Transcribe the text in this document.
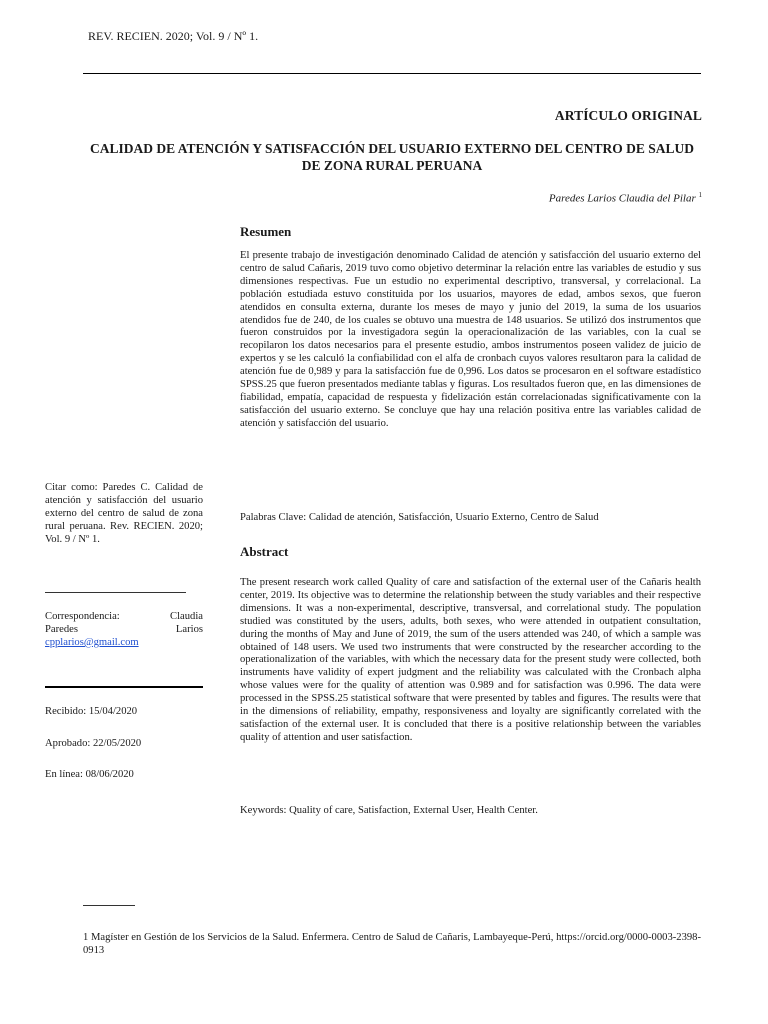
REV. RECIEN. 2020; Vol. 9 / Nº 1.
ARTÍCULO ORIGINAL
CALIDAD DE ATENCIÓN Y SATISFACCIÓN DEL USUARIO EXTERNO DEL CENTRO DE SALUD DE ZONA RURAL PERUANA
Paredes Larios Claudia del Pilar $^1$
Resumen
El presente trabajo de investigación denominado Calidad de atención y satisfacción del usuario externo del centro de salud Cañaris, 2019 tuvo como objetivo determinar la relación entre las variables de estudio y sus dimensiones respectivas. Fue un estudio no experimental descriptivo, transversal, y correlacional. La población estudiada estuvo constituida por los usuarios, mayores de edad, ambos sexos, que fueron atendidos en consulta externa, durante los meses de mayo y junio del 2019, la suma de los usuarios atendidos fue de 240, de los cuales se obtuvo una muestra de 148 usuarios. Se utilizó dos instrumentos que fueron construidos por la investigadora según la operacionalización de las variables, con la cual se recopilaron los datos necesarios para el presente estudio, ambos instrumentos poseen validez de juicio de expertos y se les calculó la confiabilidad con el alfa de cronbach cuyos valores resultaron para la calidad de atención fue de 0,989 y para la satisfacción fue de 0,996. Los datos se procesaron en el software estadístico SPSS.25 que fueron presentados mediante tablas y figuras. Los resultados fueron que, en las dimensiones de fiabilidad, empatía, capacidad de respuesta y fidelización están correlacionadas significativamente con la satisfacción del usuario externo. Se concluye que hay una relación positiva entre las variables calidad de atención y satisfacción del usuario.
Palabras Clave: Calidad de atención, Satisfacción, Usuario Externo, Centro de Salud
Abstract
The present research work called Quality of care and satisfaction of the external user of the Cañaris health center, 2019. Its objective was to determine the relationship between the study variables and their respective dimensions. It was a non-experimental, descriptive, transversal, and correlational study. The population studied was constituted by the users, adults, both sexes, who were attended in outpatient consultation, during the months of May and June of 2019, the sum of the users attended was 240, of which a sample was obtained of 148 users. We used two instruments that were constructed by the researcher according to the operationalization of the variables, with which the necessary data for the present study were collected, both instruments have validity of expert judgment and the reliability was calculated with the Cronbach alpha whose values were for the quality of attention was 0.989 and for satisfaction was 0.996. The data were processed in the SPSS.25 statistical software that were presented by tables and figures. The results were that in the dimensions of reliability, empathy, responsiveness and loyalty are significantly correlated with the satisfaction of the external user. It is concluded that there is a positive relationship between the variables quality of attention and user satisfaction.
Keywords: Quality of care, Satisfaction, External User, Health Center.
Citar como: Paredes C. Calidad de atención y satisfacción del usuario externo del centro de salud de zona rural peruana. Rev. RECIEN. 2020; Vol. 9 / Nº 1.
Correspondencia:	Claudia
Paredes	Larios
cpplarios@gmail.com
Recibido: 15/04/2020
Aprobado: 22/05/2020
En línea: 08/06/2020
1 Magíster en Gestión de los Servicios de la Salud. Enfermera. Centro de Salud de Cañaris, Lambayeque-Perú, https://orcid.org/0000-0003-2398-0913
